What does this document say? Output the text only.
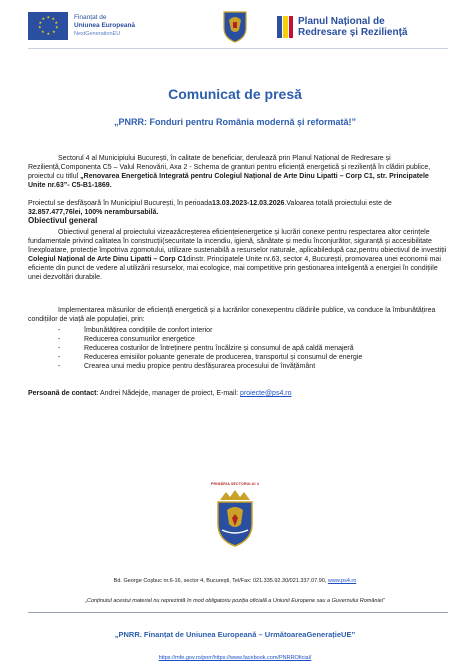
★ ★
★
★
★
★
★
★
★
★	Finanțat de
Uniunea Europeană
NextGenerationEU
Planul Național de
Redresare și Reziliență
Comunicat de presă
„PNRR: Fonduri pentru România modernă și reformată!”

Sectorul 4 al Municipiului București, în calitate de beneficiar, derulează prin Planul Național de Redresare și Reziliență,Componenta C5 – Valul Renovării, Axa 2 - Schema de granturi pentru eficiență energetică și reziliență în clădiri publice, proiectul cu titlul „Renovarea Energetică Integrată pentru Colegiul Național de Arte Dinu Lipatti – Corp C1, str. Principatele Unite nr.63”- C5-B1-1869.

Proiectul se desfășoară în Municipiul București, în perioada13.03.2023-12.03.2026.Valoarea totală proiectului este de 32.857.477,76lei, 100% nerambursabilă.

Obiectivul general

Obiectivul general al proiectului vizeazăcreșterea eficiențeienergetice și lucrări conexe pentru respectarea altor cerințele fundamentale privind calitatea în construcții(securitate la incendiu, igienă, sănătate și mediu înconjurător, siguranță și accesibilitate înexploatare, protecție împotriva zgomotului, utilizare sustenabilă a resurselor naturale, aplicabiledupă caz,pentru obiectivul de investiții Colegiul Național de Arte Dinu Lipatti – Corp C1dinstr. Principatele Unite nr.63, sector 4, București, promovarea unei economii mai eficiente din punct de vedere al utilizării resurselor, mai ecologice, mai competitive prin gestionarea inteligentă a energiei în condițiile unei dezvoltări durabile.

Implementarea măsurilor de eficiență energetică și a lucrărilor conexepentru clădirile publice, va conduce la îmbunătățirea condițiilor de viață ale populației, prin:

- îmbunătățirea condițiile de confort interior
- Reducerea consumurilor energetice
- Reducerea costurilor de întreținere pentru încălzire și consumul de apă caldă menajeră
- Reducerea emisiilor poluante generate de producerea, transportul și consumul de energie
- Crearea unui mediu propice pentru desfășurarea procesului de învățământ

Persoană de contact: Andrei Nădejde, manager de proiect, E-mail: proiecte@ps4.ro

PRIMĂRIA SECTORULUI 4
Bd. George Coșbuc nr.6-16, sector 4, București, Tel/Fax: 021.335.92.30/021.337.07.90, www.ps4.ro
„Conținutul acestui material nu reprezintă în mod obligatoriu poziția oficială a Uniunii Europene sau a Guvernului României”
„PNRR. Finanțat de Uniunea Europeană – UrmătoareaGenerațieUE”
https://mfe.gov.ro/pnrr/https://www.facebook.com/PNRROficial/
